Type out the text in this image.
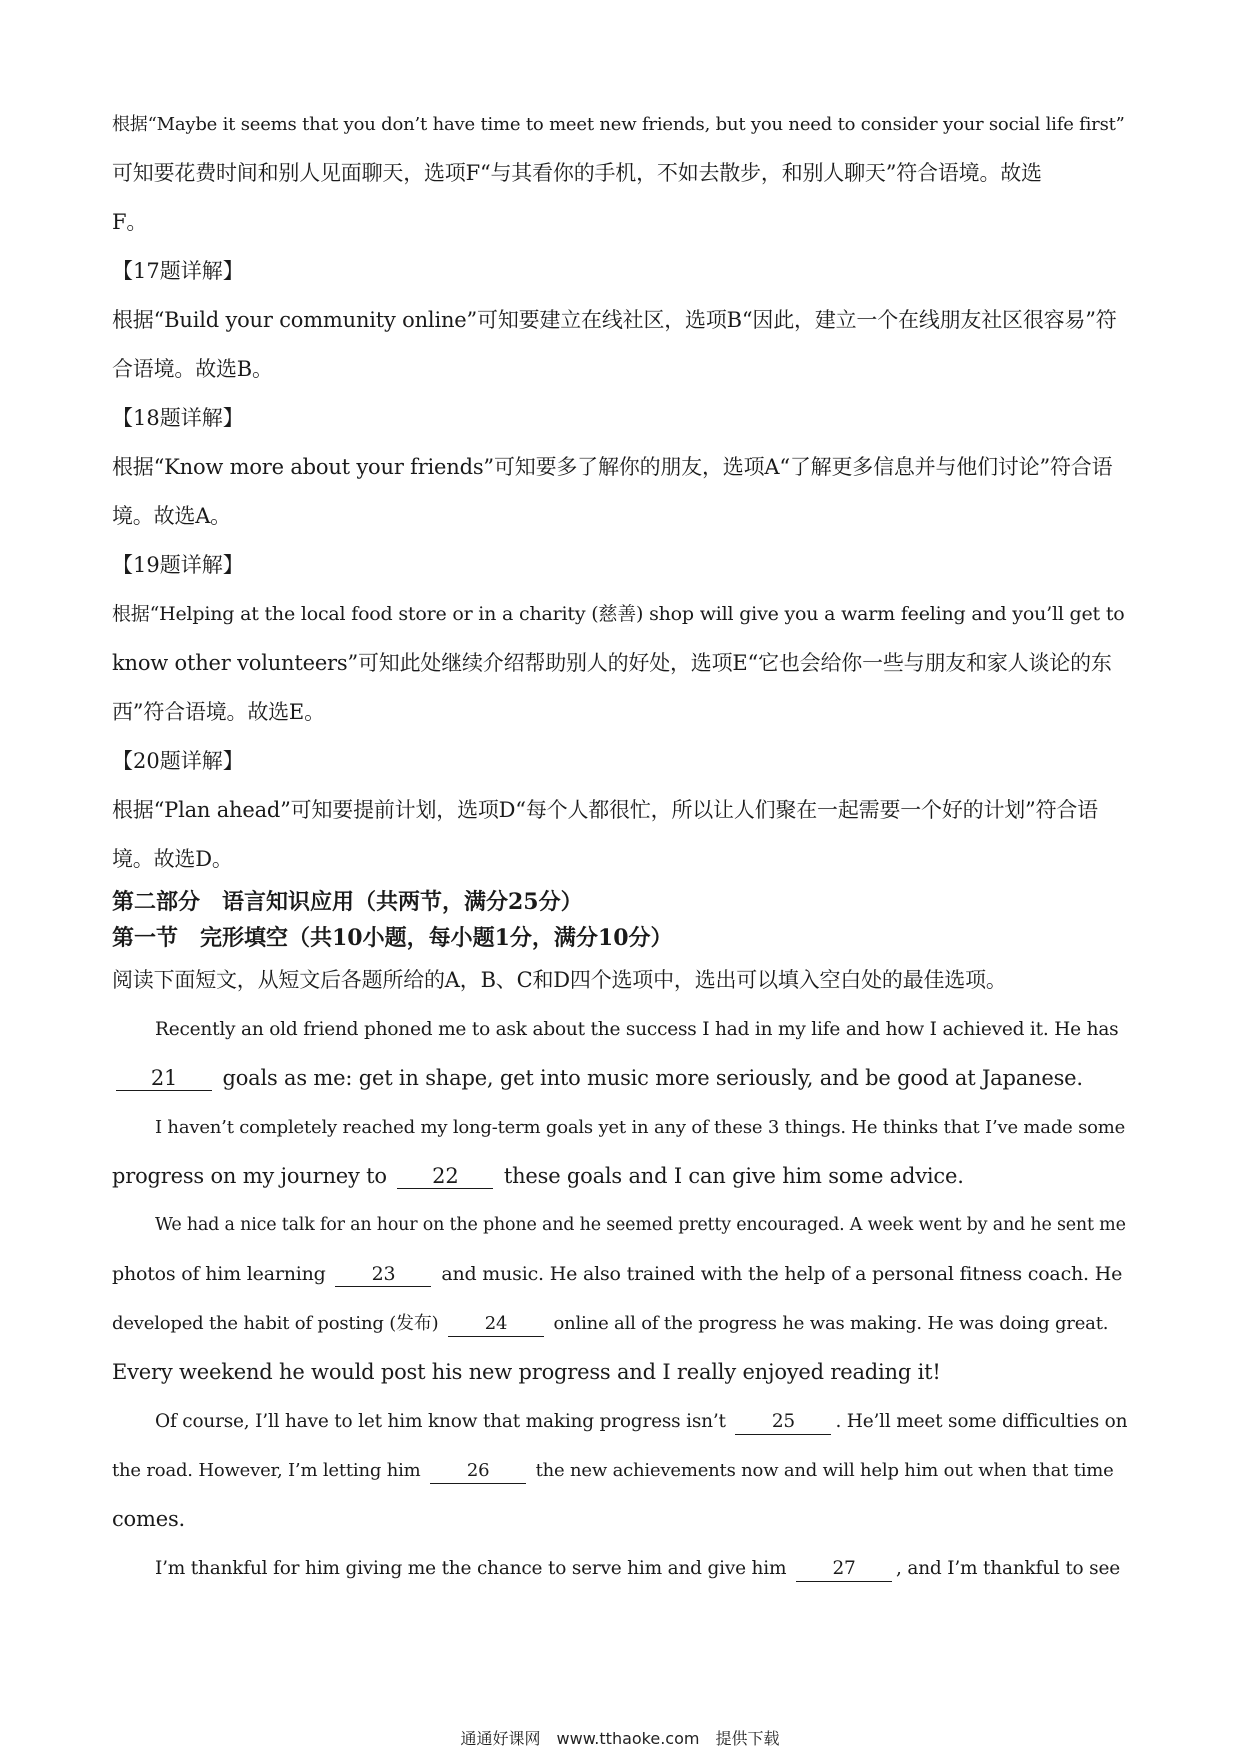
根据“Maybe it seems that you don’t have time to meet new friends, but you need to consider your social life first”
可知要花费时间和别人见面聊天，选项F“与其看你的手机，不如去散步，和别人聊天”符合语境。故选
F。
【17题详解】
根据“Build your community online”可知要建立在线社区，选项B“因此，建立一个在线朋友社区很容易”符
合语境。故选B。
【18题详解】
根据“Know more about your friends”可知要多了解你的朋友，选项A“了解更多信息并与他们讨论”符合语
境。故选A。
【19题详解】
根据“Helping at the local food store or in a charity (慈善) shop will give you a warm feeling and you’ll get to
know other volunteers”可知此处继续介绍帮助别人的好处，选项E“它也会给你一些与朋友和家人谈论的东
西”符合语境。故选E。
【20题详解】
根据“Plan ahead”可知要提前计划，选项D“每个人都很忙，所以让人们聚在一起需要一个好的计划”符合语
境。故选D。
第二部分　语言知识应用（共两节，满分25分）
第一节　完形填空（共10小题，每小题1分，满分10分）
阅读下面短文，从短文后各题所给的A，B、C和D四个选项中，选出可以填入空白处的最佳选项。
Recently an old friend phoned me to ask about the success I had in my life and how I achieved it. He has
21 goals as me: get in shape, get into music more seriously, and be good at Japanese.
I haven’t completely reached my long-term goals yet in any of these 3 things. He thinks that I’ve made some
progress on my journey to 22 these goals and I can give him some advice.
We had a nice talk for an hour on the phone and he seemed pretty encouraged. A week went by and he sent me
photos of him learning 23 and music. He also trained with the help of a personal fitness coach. He
developed the habit of posting (发布)	24	online all of the progress he was making. He was doing great.
Every weekend he would post his new progress and I really enjoyed reading it!
Of course, I’ll have to let him know that making progress isn’t 25 . He’ll meet some difficulties on
the road. However, I’m letting him	26	the new achievements now and will help him out when that time
comes.
I’m thankful for him giving me the chance to serve him and give him 27 , and I’m thankful to see
通通好课网　www.tthaoke.com　提供下载
